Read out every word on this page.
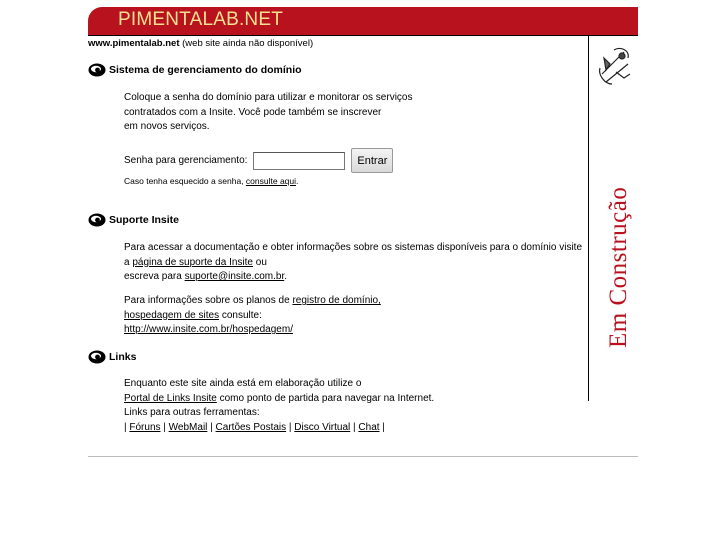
PIMENTALAB.NET
www.pimentalab.net (web site ainda não disponível)
Em Construção
Sistema de gerenciamento do domínio
Coloque a senha do domínio para utilizar e monitorar os serviços
contratados com a Insite. Você pode também se inscrever
em novos serviços.
Senha para gerenciamento:	Entrar
Caso tenha esquecido a senha, consulte aqui.
Suporte Insite
Para acessar a documentação e obter informações sobre os sistemas disponíveis para o domínio visite
a página de suporte da Insite ou
escreva para suporte@insite.com.br.
Para informações sobre os planos de registro de domínio,
hospedagem de sites consulte:
http://www.insite.com.br/hospedagem/
Links
Enquanto este site ainda está em elaboração utilize o
Portal de Links Insite como ponto de partida para navegar na Internet.
Links para outras ferramentas:
| Fóruns | WebMail | Cartões Postais | Disco Virtual | Chat |
